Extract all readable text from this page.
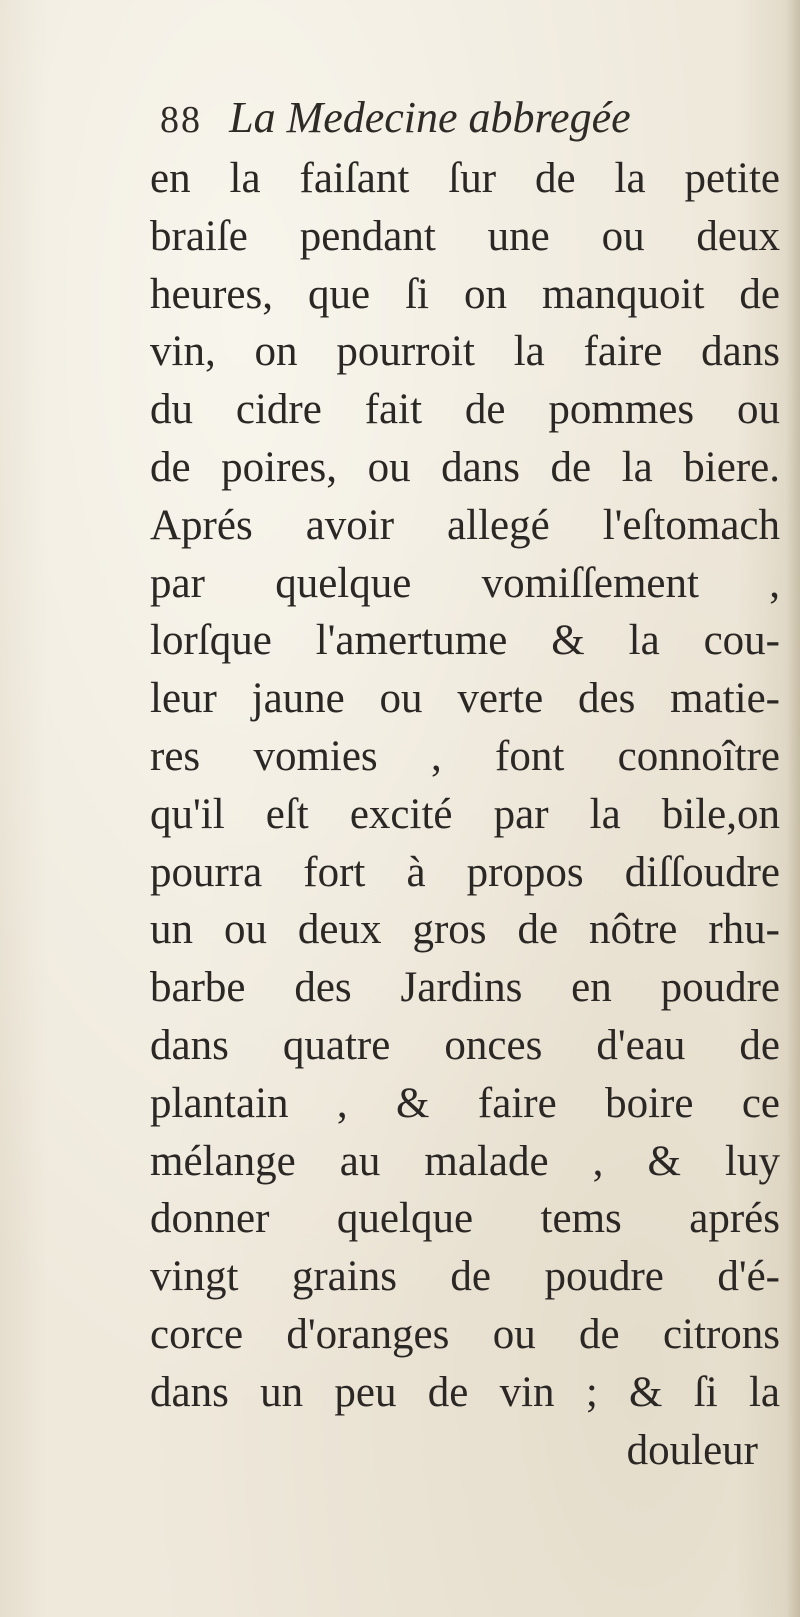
88 La Medecine abbregée
en la faiſant ſur de la petite
braiſe pendant une ou deux
heures, que ſi on manquoit de
vin, on pourroit la faire dans
du cidre fait de pommes ou
de poires, ou dans de la biere.
Aprés avoir allegé l'eſtomach
par quelque vomiſſement ,
lorſque l'amertume & la cou-
leur jaune ou verte des matie-
res vomies , font connoître
qu'il eſt excité par la bile,on
pourra fort à propos diſſoudre
un ou deux gros de nôtre rhu-
barbe des Jardins en poudre
dans quatre onces d'eau de
plantain , & faire boire ce
mélange au malade , & luy
donner quelque tems aprés
vingt grains de poudre d'é-
corce d'oranges ou de citrons
dans un peu de vin ; & ſi la
douleur
